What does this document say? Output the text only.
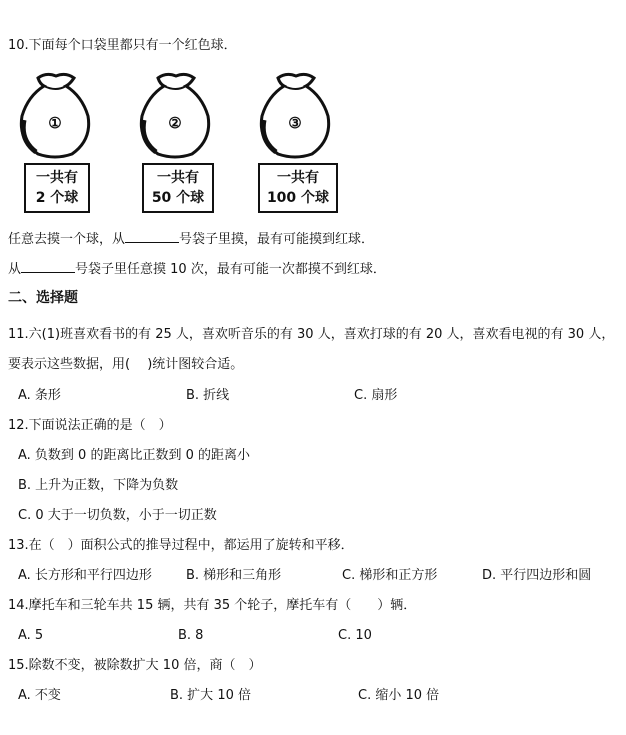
10.下面每个口袋里都只有一个红色球．
①
一共有
2 个球
②
一共有
50 个球
③
一共有
100 个球
任意去摸一个球，从	号袋子里摸，最有可能摸到红球．
从	号袋子里任意摸 10 次，最有可能一次都摸不到红球．
二、选择题
11.六(1)班喜欢看书的有 25 人，喜欢听音乐的有 30 人，喜欢打球的有 20 人，喜欢看电视的有 30 人，
要表示这些数据，用(　 )统计图较合适。
A. 条形	B. 折线	C. 扇形
12.下面说法正确的是（　）
A. 负数到 0 的距离比正数到 0 的距离小
B. 上升为正数，下降为负数
C. 0 大于一切负数，小于一切正数
13.在（　）面积公式的推导过程中，都运用了旋转和平移．
A. 长方形和平行四边形	B. 梯形和三角形	C. 梯形和正方形	D. 平行四边形和圆
14.摩托车和三轮车共 15 辆，共有 35 个轮子，摩托车有（　　）辆．
A. 5	B. 8	C. 10
15.除数不变，被除数扩大 10 倍，商（　）
A. 不变	B. 扩大 10 倍	C. 缩小 10 倍
